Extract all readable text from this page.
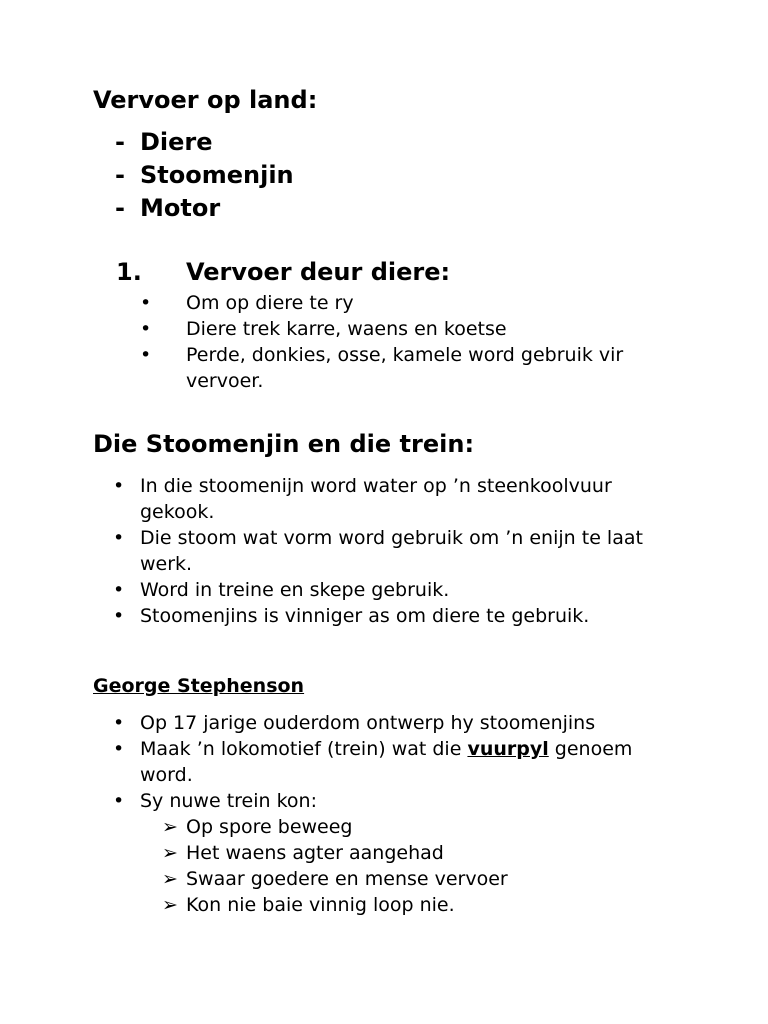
Vervoer op land:
- Diere
- Stoomenjin
- Motor
1. Vervoer deur diere:
•	Om op diere te ry
•	Diere trek karre, waens en koetse
•	Perde, donkies, osse, kamele word gebruik vir vervoer.
Die Stoomenjin en die trein:
• In die stoomenijn word water op ’n steenkoolvuur gekook.
• Die stoom wat vorm word gebruik om ’n enijn te laat werk.
• Word in treine en skepe gebruik.
• Stoomenjins is vinniger as om diere te gebruik.
George Stephenson
• Op 17 jarige ouderdom ontwerp hy stoomenjins
• Maak ’n lokomotief (trein) wat die vuurpyl genoem word.
• Sy nuwe trein kon:
➢ Op spore beweeg
➢ Het waens agter aangehad
➢ Swaar goedere en mense vervoer
➢ Kon nie baie vinnig loop nie.
